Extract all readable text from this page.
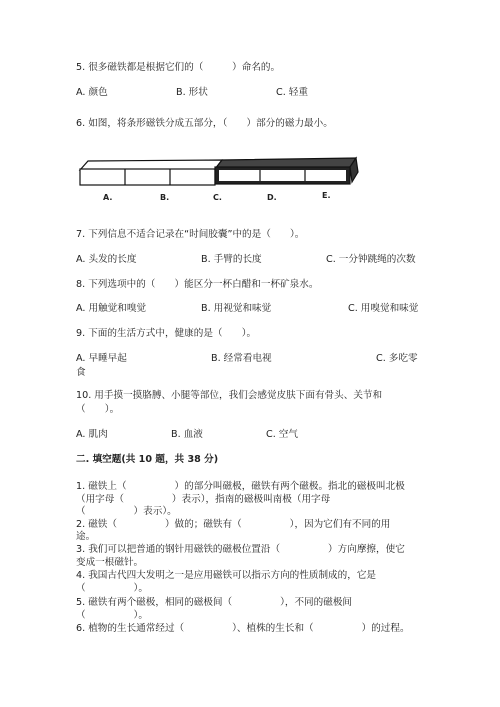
5. 很多磁铁都是根据它们的（　　　）命名的。
A. 颜色	B. 形状	C. 轻重
6. 如图，将条形磁铁分成五部分，（　　）部分的磁力最小。
A.	B.	C.	D.	E.
7. 下列信息不适合记录在“时间胶囊”中的是（　　）。
A. 头发的长度	B. 手臂的长度	C. 一分钟跳绳的次数
8. 下列选项中的（　　）能区分一杯白醋和一杯矿泉水。
A. 用触觉和嗅觉	B. 用视觉和味觉	C. 用嗅觉和味觉
9. 下面的生活方式中，健康的是（　　）。
A. 早睡早起	B. 经常看电视	C. 多吃零
食
10. 用手摸一摸胳膊、小腿等部位，我们会感觉皮肤下面有骨头、关节和
（　　）。
A. 肌肉	B. 血液	C. 空气
二. 填空题(共 10 题，共 38 分)
1. 磁铁上（　　　　　）的部分叫磁极，磁铁有两个磁极。指北的磁极叫北极
（用字母（　　　　　）表示），指南的磁极叫南极（用字母
（　　　　　）表示）。
2. 磁铁（　　　　　）做的；磁铁有（　　　　　），因为它们有不同的用
途。
3. 我们可以把普通的钢针用磁铁的磁极位置沿（　　　　　）方向摩擦，使它
变成一根磁针。
4. 我国古代四大发明之一是应用磁铁可以指示方向的性质制成的，它是
（　　　　　）。
5. 磁铁有两个磁极，相同的磁极间（　　　　　），不同的磁极间
（　　　　　）。
6. 植物的生长通常经过（　　　　　）、植株的生长和（　　　　　）的过程。
